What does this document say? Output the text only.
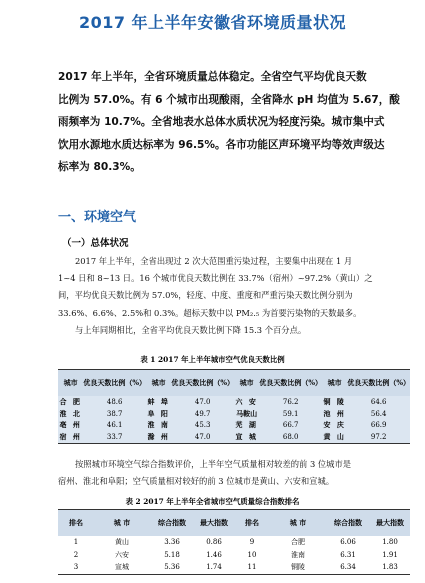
2017 年上半年安徽省环境质量状况
2017 年上半年，全省环境质量总体稳定。全省空气平均优良天数
比例为 57.0%。有 6 个城市出现酸雨，全省降水 pH 均值为 5.67，酸
雨频率为 10.7%。全省地表水总体水质状况为轻度污染。城市集中式
饮用水源地水质达标率为 96.5%。各市功能区声环境平均等效声级达
标率为 80.3%。
一、环境空气
（一）总体状况
2017 年上半年，全省出现过 2 次大范围重污染过程，主要集中出现在 1 月
1~4 日和 8~13 日。16 个城市优良天数比例在 33.7%（宿州）~97.2%（黄山）之
间，平均优良天数比例为 57.0%，轻度、中度、重度和严重污染天数比例分别为
33.6%、6.6%、2.5%和 0.3%。超标天数中以 PM₂.₅ 为首要污染物的天数最多。
与上年同期相比，全省平均优良天数比例下降 15.3 个百分点。
表 1 2017 年上半年城市空气优良天数比例
城市	优良天数比例（%）	城市	优良天数比例（%）	城市	优良天数比例（%）	城市	优良天数比例（%）
合 肥	48.6	蚌 埠	47.0	六 安	76.2	铜 陵	64.6
淮 北	38.7	阜 阳	49.7	马鞍山	59.1	池 州	56.4
亳 州	46.1	淮 南	45.3	芜 湖	66.7	安 庆	66.9
宿 州	33.7	滁 州	47.0	宣 城	68.0	黄 山	97.2
按照城市环境空气综合指数评价，上半年空气质量相对较差的前 3 位城市是
宿州、淮北和阜阳；空气质量相对较好的前 3 位城市是黄山、六安和宣城。
表 2 2017 年上半年全省城市空气质量综合指数排名
排名	城 市	综合指数	最大指数	排名	城 市	综合指数	最大指数
1	黄山	3.36	0.86	9	合肥	6.06	1.80
2	六安	5.18	1.46	10	淮南	6.31	1.91
3	宣城	5.36	1.74	11	铜陵	6.34	1.83
